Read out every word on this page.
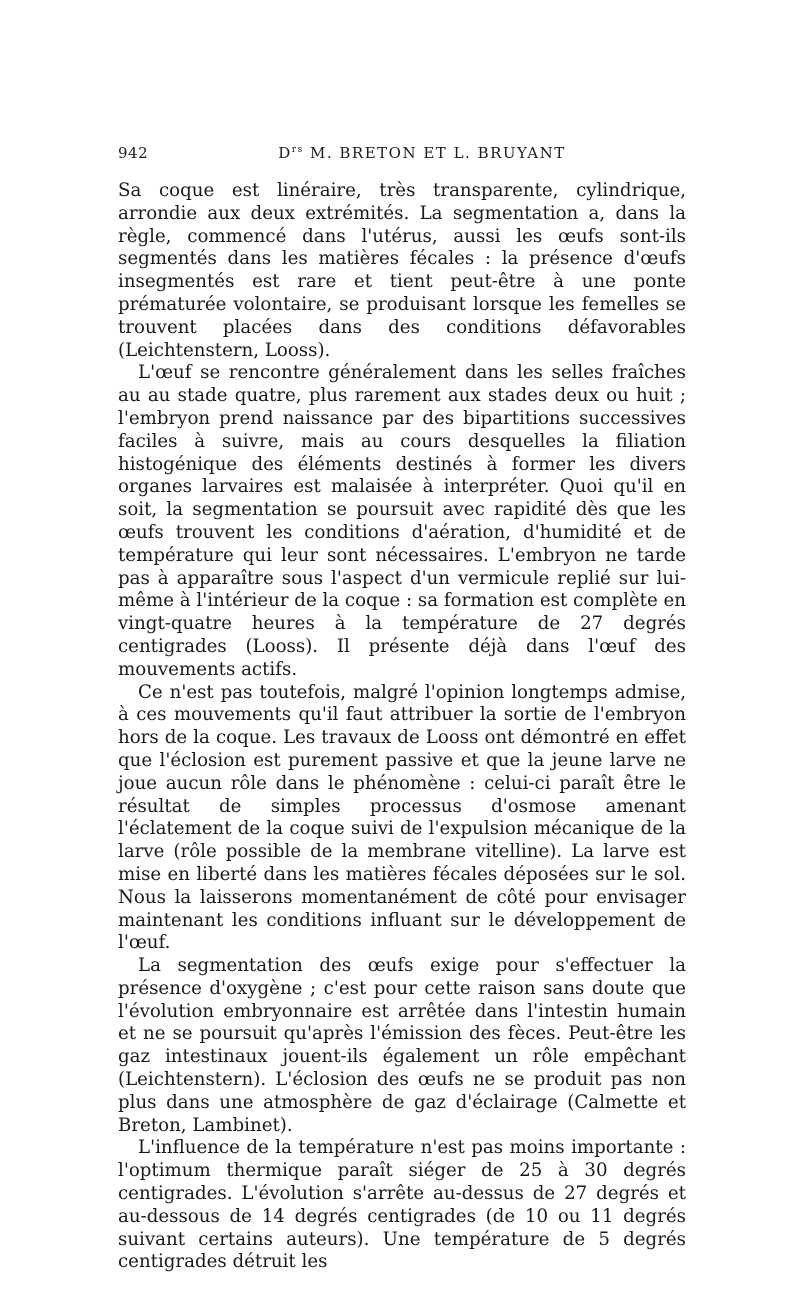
942	$D^{rs}$ M. BRETON ET L. BRUYANT

Sa coque est linéraire, très transparente, cylindrique, arrondie aux deux extrémités. La segmentation a, dans la règle, commencé dans l'utérus, aussi les œufs sont-ils segmentés dans les matières fécales : la présence d'œufs insegmentés est rare et tient peut-être à une ponte prématurée volontaire, se produisant lorsque les femelles se trouvent placées dans des conditions défavorables (Leichtenstern, Looss).

L'œuf se rencontre généralement dans les selles fraîches au au stade quatre, plus rarement aux stades deux ou huit ; l'embryon prend naissance par des bipartitions successives faciles à suivre, mais au cours desquelles la filiation histogénique des éléments destinés à former les divers organes larvaires est malaisée à interpréter. Quoi qu'il en soit, la segmentation se poursuit avec rapidité dès que les œufs trouvent les conditions d'aération, d'humidité et de température qui leur sont nécessaires. L'embryon ne tarde pas à apparaître sous l'aspect d'un vermicule replié sur lui-même à l'intérieur de la coque : sa formation est complète en vingt-quatre heures à la température de 27 degrés centigrades (Looss). Il présente déjà dans l'œuf des mouvements actifs.

Ce n'est pas toutefois, malgré l'opinion longtemps admise, à ces mouvements qu'il faut attribuer la sortie de l'embryon hors de la coque. Les travaux de Looss ont démontré en effet que l'éclosion est purement passive et que la jeune larve ne joue aucun rôle dans le phénomène : celui-ci paraît être le résultat de simples processus d'osmose amenant l'éclatement de la coque suivi de l'expulsion mécanique de la larve (rôle possible de la membrane vitelline). La larve est mise en liberté dans les matières fécales déposées sur le sol. Nous la laisserons momentanément de côté pour envisager maintenant les conditions influant sur le développement de l'œuf.

La segmentation des œufs exige pour s'effectuer la présence d'oxygène ; c'est pour cette raison sans doute que l'évolution embryonnaire est arrêtée dans l'intestin humain et ne se poursuit qu'après l'émission des fèces. Peut-être les gaz intestinaux jouent-ils également un rôle empêchant (Leichtenstern). L'éclosion des œufs ne se produit pas non plus dans une atmosphère de gaz d'éclairage (Calmette et Breton, Lambinet).

L'influence de la température n'est pas moins importante : l'optimum thermique paraît siéger de 25 à 30 degrés centigrades. L'évolution s'arrête au-dessus de 27 degrés et au-dessous de 14 degrés centigrades (de 10 ou 11 degrés suivant certains auteurs). Une température de 5 degrés centigrades détruit les
